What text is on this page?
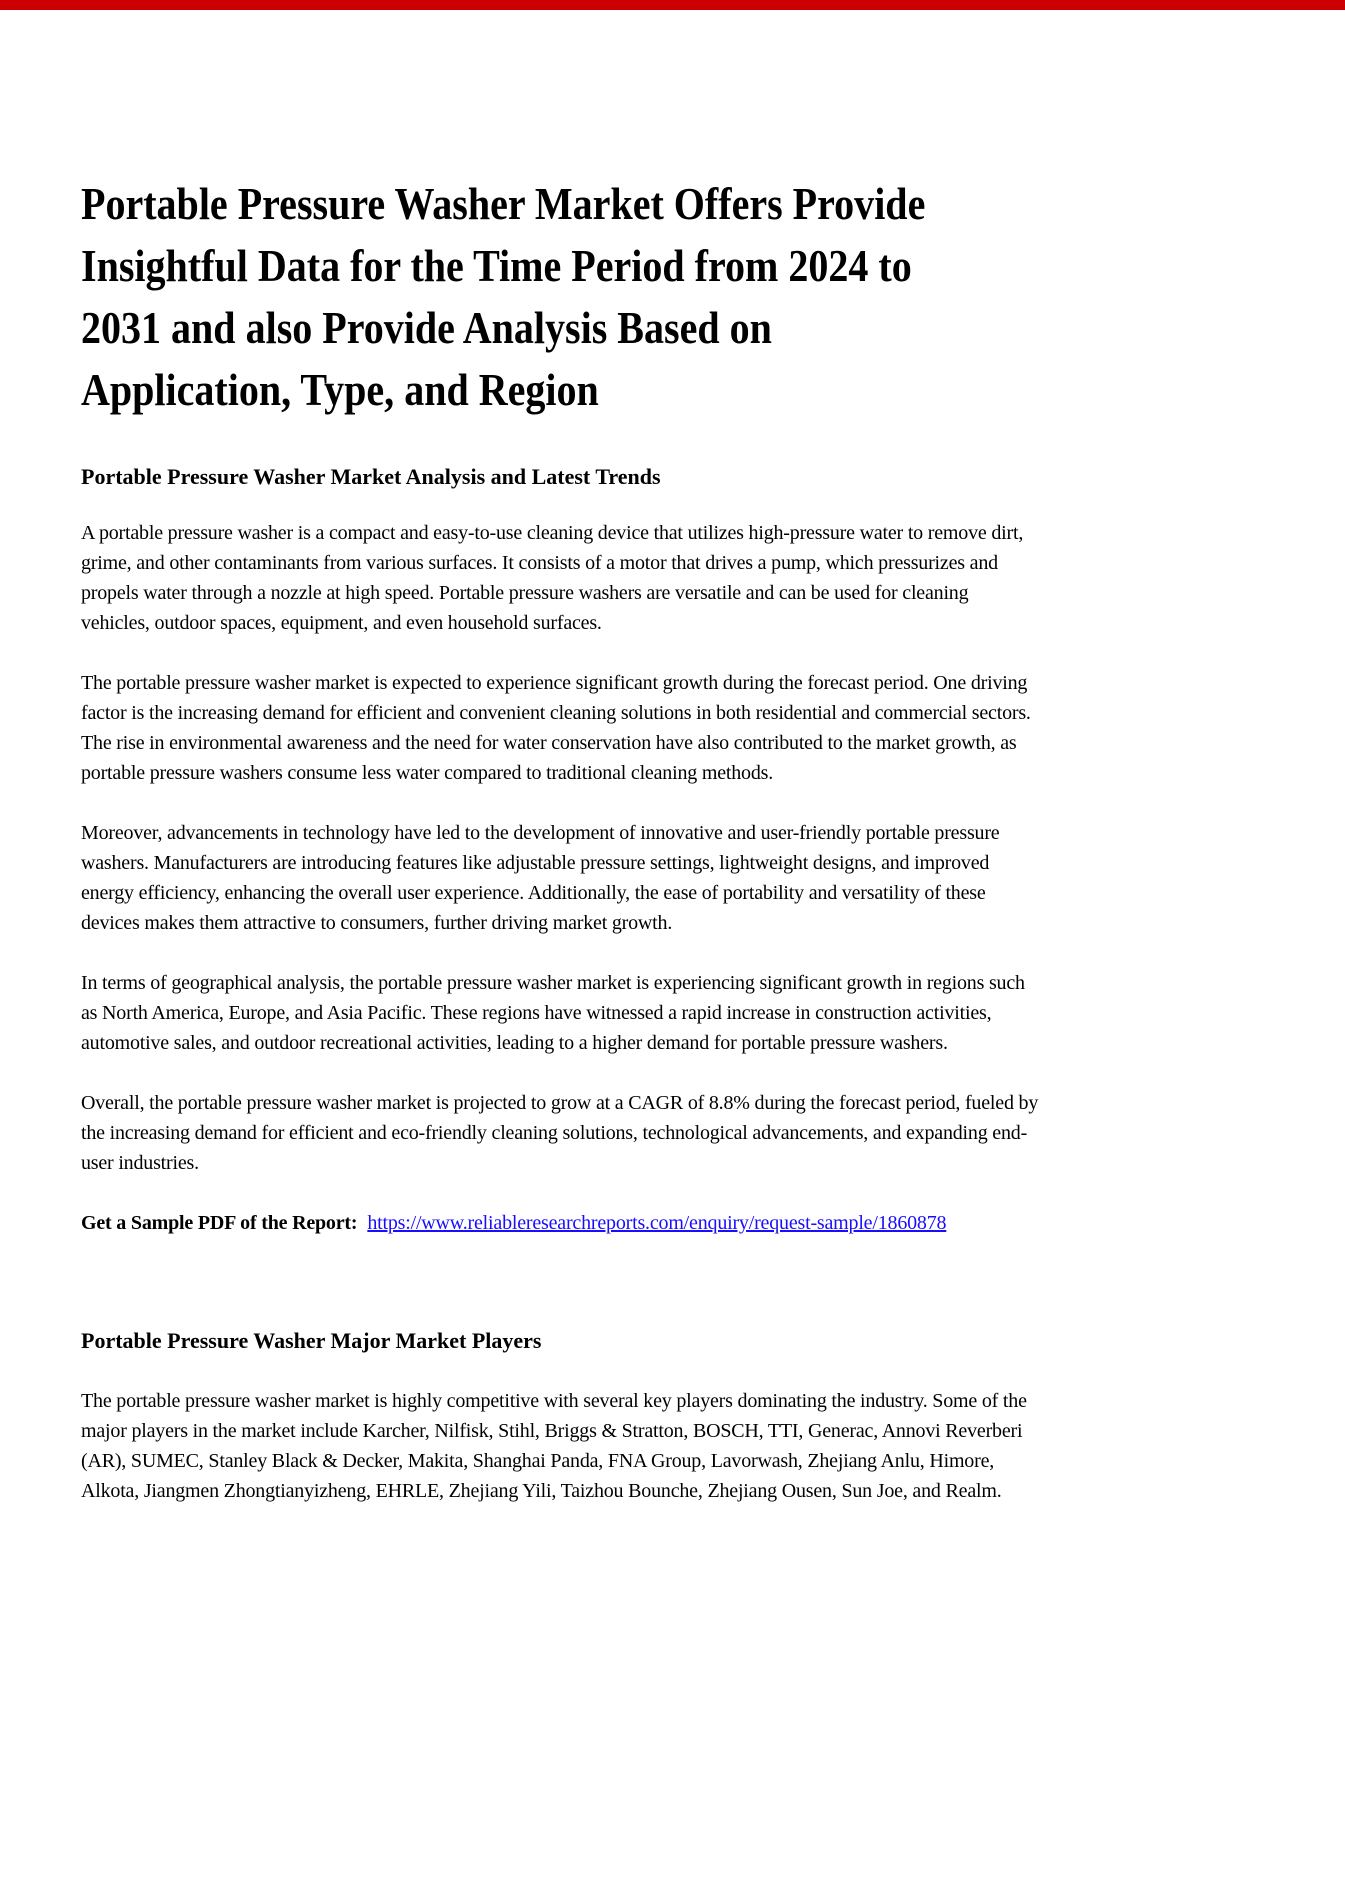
Portable Pressure Washer Market Offers Provide
Insightful Data for the Time Period from 2024 to
2031 and also Provide Analysis Based on
Application, Type, and Region
Portable Pressure Washer Market Analysis and Latest Trends

A portable pressure washer is a compact and easy-to-use cleaning device that utilizes high-pressure water to remove dirt, grime, and other contaminants from various surfaces. It consists of a motor that drives a pump, which pressurizes and propels water through a nozzle at high speed. Portable pressure washers are versatile and can be used for cleaning vehicles, outdoor spaces, equipment, and even household surfaces.

The portable pressure washer market is expected to experience significant growth during the forecast period. One driving factor is the increasing demand for efficient and convenient cleaning solutions in both residential and commercial sectors. The rise in environmental awareness and the need for water conservation have also contributed to the market growth, as portable pressure washers consume less water compared to traditional cleaning methods.

Moreover, advancements in technology have led to the development of innovative and user-friendly portable pressure washers. Manufacturers are introducing features like adjustable pressure settings, lightweight designs, and improved energy efficiency, enhancing the overall user experience. Additionally, the ease of portability and versatility of these devices makes them attractive to consumers, further driving market growth.

In terms of geographical analysis, the portable pressure washer market is experiencing significant growth in regions such as North America, Europe, and Asia Pacific. These regions have witnessed a rapid increase in construction activities, automotive sales, and outdoor recreational activities, leading to a higher demand for portable pressure washers.

Overall, the portable pressure washer market is projected to grow at a CAGR of 8.8% during the forecast period, fueled by the increasing demand for efficient and eco-friendly cleaning solutions, technological advancements, and expanding end-user industries.

Get a Sample PDF of the Report: https://www.reliableresearchreports.com/enquiry/request-sample/1860878

Portable Pressure Washer Major Market Players

The portable pressure washer market is highly competitive with several key players dominating the industry. Some of the major players in the market include Karcher, Nilfisk, Stihl, Briggs & Stratton, BOSCH, TTI, Generac, Annovi Reverberi (AR), SUMEC, Stanley Black & Decker, Makita, Shanghai Panda, FNA Group, Lavorwash, Zhejiang Anlu, Himore, Alkota, Jiangmen Zhongtianyizheng, EHRLE, Zhejiang Yili, Taizhou Bounche, Zhejiang Ousen, Sun Joe, and Realm.
